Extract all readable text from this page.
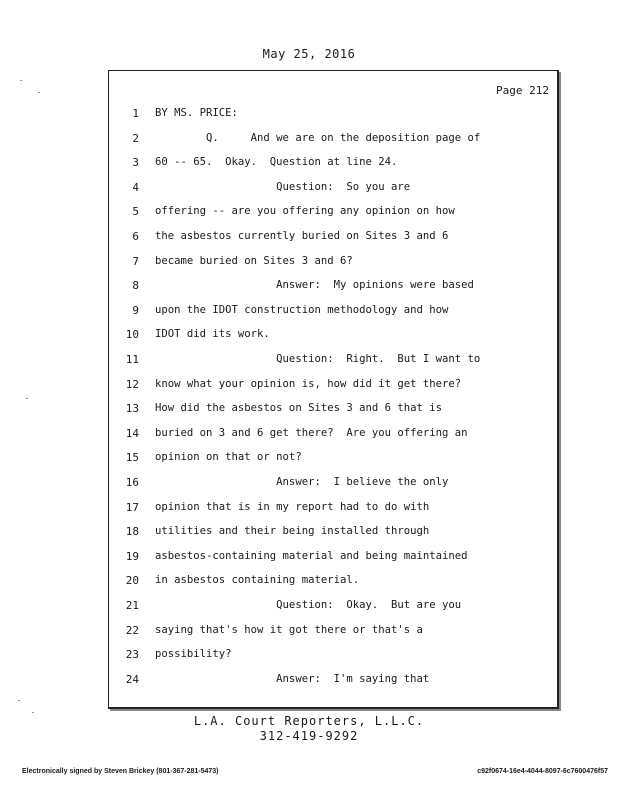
May 25, 2016
Page 212
1 BY MS. PRICE:
2 Q.     And we are on the deposition page of
3 60 -- 65.  Okay.  Question at line 24.
4 Question:  So you are
5 offering -- are you offering any opinion on how
6 the asbestos currently buried on Sites 3 and 6
7 became buried on Sites 3 and 6?
8 Answer:  My opinions were based
9 upon the IDOT construction methodology and how
10 IDOT did its work.
11 Question:  Right.  But I want to
12 know what your opinion is, how did it get there?
13 How did the asbestos on Sites 3 and 6 that is
14 buried on 3 and 6 get there?  Are you offering an
15 opinion on that or not?
16 Answer:  I believe the only
17 opinion that is in my report had to do with
18 utilities and their being installed through
19 asbestos-containing material and being maintained
20 in asbestos containing material.
21 Question:  Okay.  But are you
22 saying that's how it got there or that's a
23 possibility?
24 Answer:  I'm saying that
L.A. Court Reporters, L.L.C.
312-419-9292
Electronically signed by Steven Brickey (801-367-281-5473)	c92f0674-16e4-4044-8097-6c7600476f57
